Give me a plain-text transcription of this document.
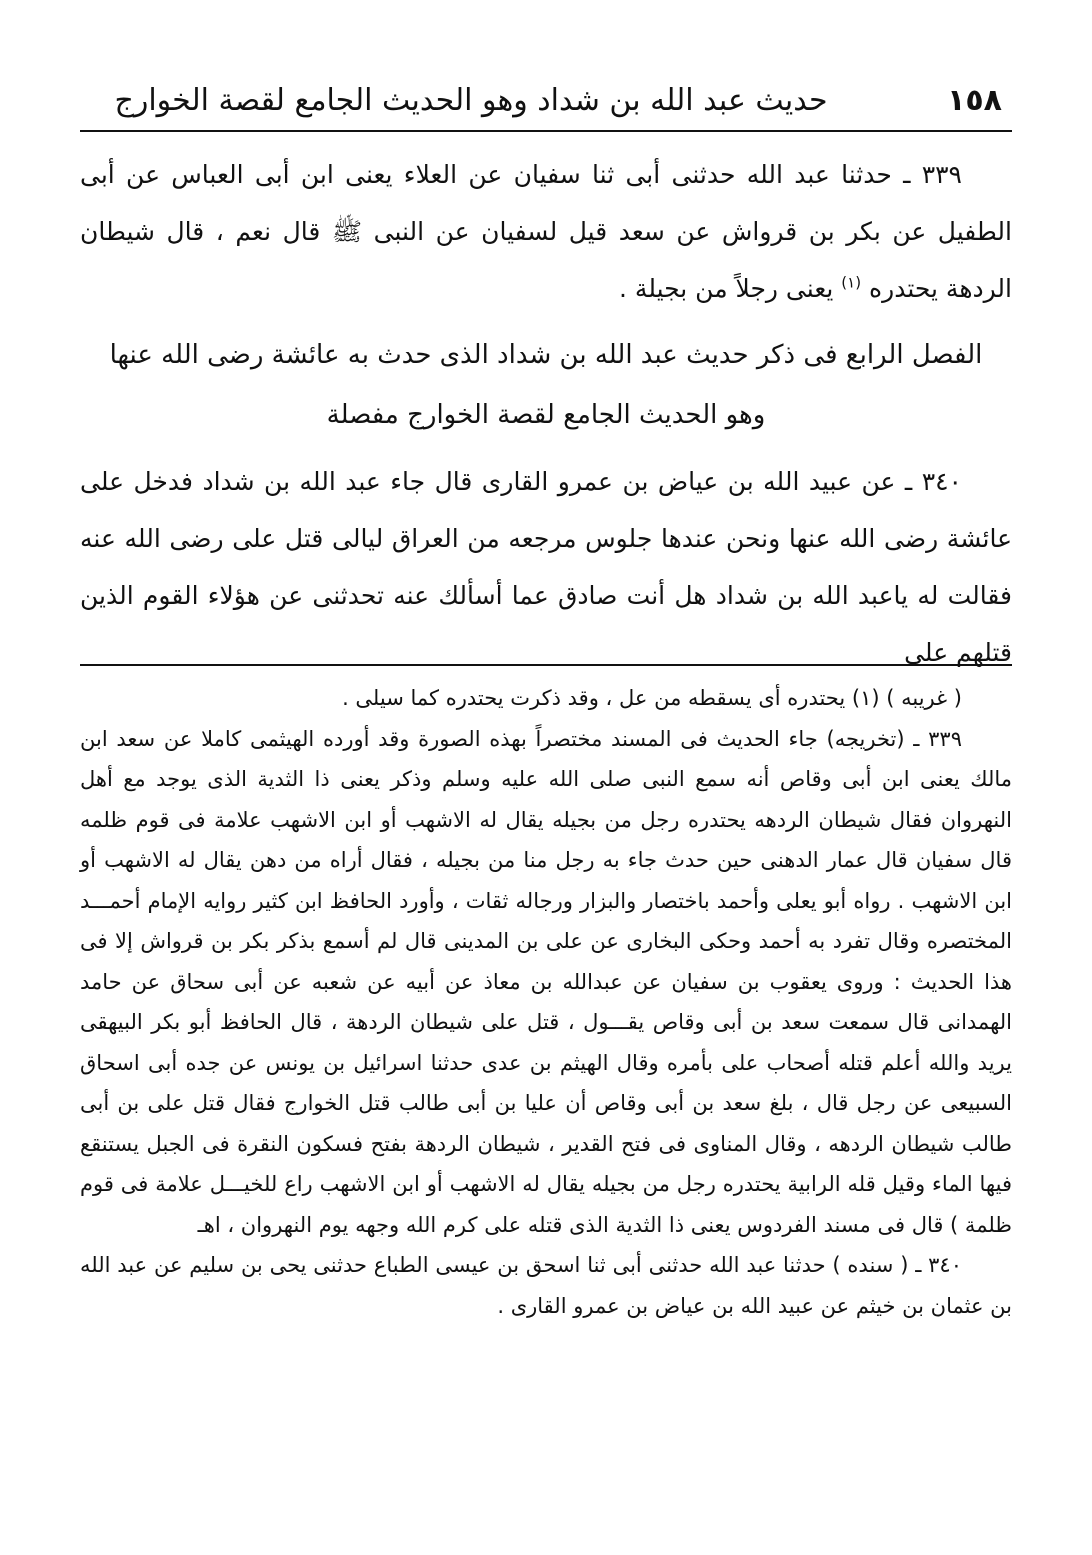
١٥٨
حديث عبد الله بن شداد وهو الحديث الجامع لقصة الخوارج

٣٣٩ ـ حدثنا عبد الله حدثنى أبى ثنا سفيان عن العلاء يعنى ابن أبى العباس عن أبى الطفيل عن بكر بن قرواش عن سعد قيل لسفيان عن النبى ﷺ قال نعم ، قال شيطان الردهة يحتدره $^{(١)}$ يعنى رجلاً من بجيلة .

الفصل الرابع فى ذكر حديث عبد الله بن شداد الذى حدث به عائشة رضى الله عنها
وهو الحديث الجامع لقصة الخوارج مفصلة

٣٤٠ ـ عن عبيد الله بن عياض بن عمرو القارى قال جاء عبد الله بن شداد فدخل على عائشة رضى الله عنها ونحن عندها جلوس مرجعه من العراق ليالى قتل على رضى الله عنه فقالت له ياعبد الله بن شداد هل أنت صادق عما أسألك عنه تحدثنى عن هؤلاء القوم الذين قتلهم على

( غريبه ) (١) يحتدره أى يسقطه من عل ، وقد ذكرت يحتدره كما سيلى .

٣٣٩ ـ (تخريجه) جاء الحديث فى المسند مختصراً بهذه الصورة وقد أورده الهيثمى كاملا عن سعد ابن مالك يعنى ابن أبى وقاص أنه سمع النبى صلى الله عليه وسلم وذكر يعنى ذا الثدية الذى يوجد مع أهل النهروان فقال شيطان الردهه يحتدره رجل من بجيله يقال له الاشهب أو ابن الاشهب علامة فى قوم ظلمه قال سفيان قال عمار الدهنى حين حدث جاء به رجل منا من بجيله ، فقال أراه من دهن يقال له الاشهب أو ابن الاشهب . رواه أبو يعلى وأحمد باختصار والبزار ورجاله ثقات ، وأورد الحافظ ابن كثير روايه الإمام أحمـــد المختصره وقال تفرد به أحمد وحكى البخارى عن على بن المدينى قال لم أسمع بذكر بكر بن قرواش إلا فى هذا الحديث : وروى يعقوب بن سفيان عن عبدالله بن معاذ عن أبيه عن شعبه عن أبى سحاق عن حامد الهمدانى قال سمعت سعد بن أبى وقاص يقـــول ، قتل على شيطان الردهة ، قال الحافظ أبو بكر البيهقى يريد والله أعلم قتله أصحاب على بأمره وقال الهيثم بن عدى حدثنا اسرائيل بن يونس عن جده أبى اسحاق السبيعى عن رجل قال ، بلغ سعد بن أبى وقاص أن عليا بن أبى طالب قتل الخوارج فقال قتل على بن أبى طالب شيطان الردهه ، وقال المناوى فى فتح القدير ، شيطان الردهة بفتح فسكون النقرة فى الجبل يستنقع فيها الماء وقيل قله الرابية يحتدره رجل من بجيله يقال له الاشهب أو ابن الاشهب راع للخيـــل علامة فى قوم ظلمة ) قال فى مسند الفردوس يعنى ذا الثدية الذى قتله على كرم الله وجهه يوم النهروان ، اهـ

٣٤٠ ـ ( سنده ) حدثنا عبد الله حدثنى أبى ثنا اسحق بن عيسى الطباع حدثنى يحى بن سليم عن عبد الله بن عثمان بن خيثم عن عبيد الله بن عياض بن عمرو القارى .
